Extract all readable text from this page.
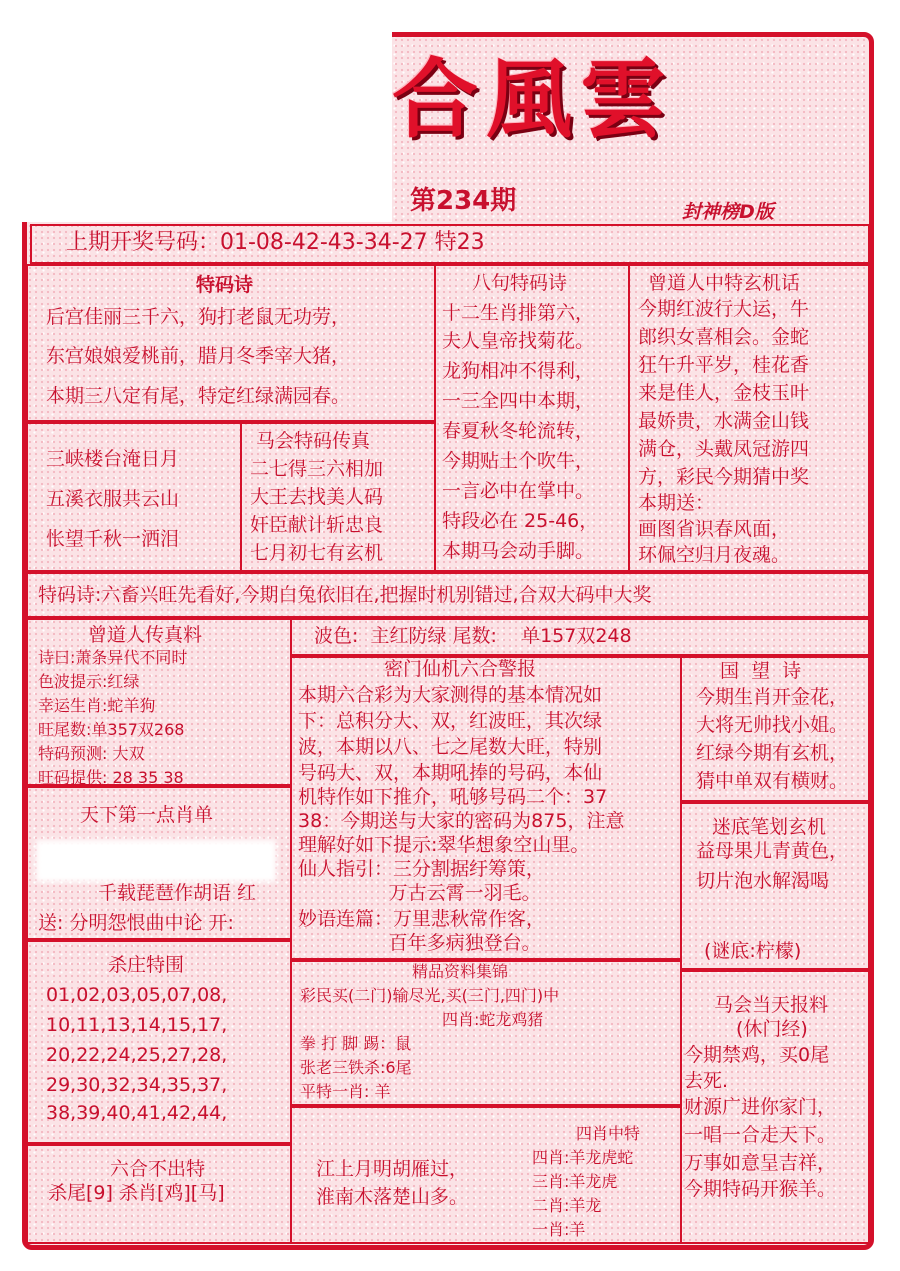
合風雲
第234期	封神榜D版
上期开奖号码：01-08-42-43-34-27 特23
特码诗
后宫佳丽三千六，狗打老鼠无功劳，
东宫娘娘爱桃前，腊月冬季宰大猪，
本期三八定有尾，特定红绿满园春。
八句特码诗
十二生肖排第六，
夫人皇帝找菊花。
龙狗相冲不得利，
一三全四中本期，
春夏秋冬轮流转，
今期贴土个吹牛，
一言必中在掌中。
特段必在 25-46，
本期马会动手脚。
曾道人中特玄机话
今期红波行大运，牛
郎织女喜相会。金蛇
狂午升平岁，桂花香
来是佳人，金枝玉叶
最娇贵，水满金山钱
满仓，头戴凤冠游四
方，彩民今期猜中奖
本期送：
画图省识春风面，
环佩空归月夜魂。
三峡楼台淹日月
五溪衣服共云山
怅望千秋一洒泪
马会特码传真
二七得三六相加
大王去找美人码
奸臣献计斩忠良
七月初七有玄机
特码诗:六畜兴旺先看好,今期白兔依旧在,把握时机别错过,合双大码中大奖
曾道人传真料
诗曰:萧条异代不同时
色波提示:红绿
幸运生肖:蛇羊狗
旺尾数:单357双268
特码预测: 大双
旺码提供: 28 35 38
天下第一点肖单
千载琵琶作胡语 红
送: 分明怨恨曲中论 开:
杀庄特围
01,02,03,05,07,08,
10,11,13,14,15,17,
20,22,24,25,27,28,
29,30,32,34,35,37,
38,39,40,41,42,44,
六合不出特
杀尾[9] 杀肖[鸡][马]
波色:  主红防绿 尾数:    单157双248
密门仙机六合警报
本期六合彩为大家测得的基本情况如
下：总积分大、双，红波旺，其次绿
波，本期以八、七之尾数大旺，特别
号码大、双，本期吼捧的号码，本仙
机特作如下推介，吼够号码二个：37
38：今期送与大家的密码为875，注意
理解好如下提示:翠华想象空山里。
仙人指引：三分割据纡筹策，
万古云霄一羽毛。
妙语连篇：万里悲秋常作客，
百年多病独登台。
精品资料集锦
彩民买(二门)输尽光,买(三门,四门)中
四肖:蛇龙鸡猪
拳 打 脚 踢：鼠
张老三铁杀:6尾
平特一肖: 羊
江上月明胡雁过，
淮南木落楚山多。
四肖中特
四肖:羊龙虎蛇
三肖:羊龙虎
二肖:羊龙
一肖:羊
国  望  诗
今期生肖开金花，
大将无帅找小姐。
红绿今期有玄机，
猜中单双有横财。
迷底笔划玄机
益母果儿青黄色，
切片泡水解渴喝
(谜底:柠檬)
马会当天报料
(休门经)
今期禁鸡，买0尾
去死.
财源广进你家门，
一唱一合走天下。
万事如意呈吉祥，
今期特码开猴羊。
